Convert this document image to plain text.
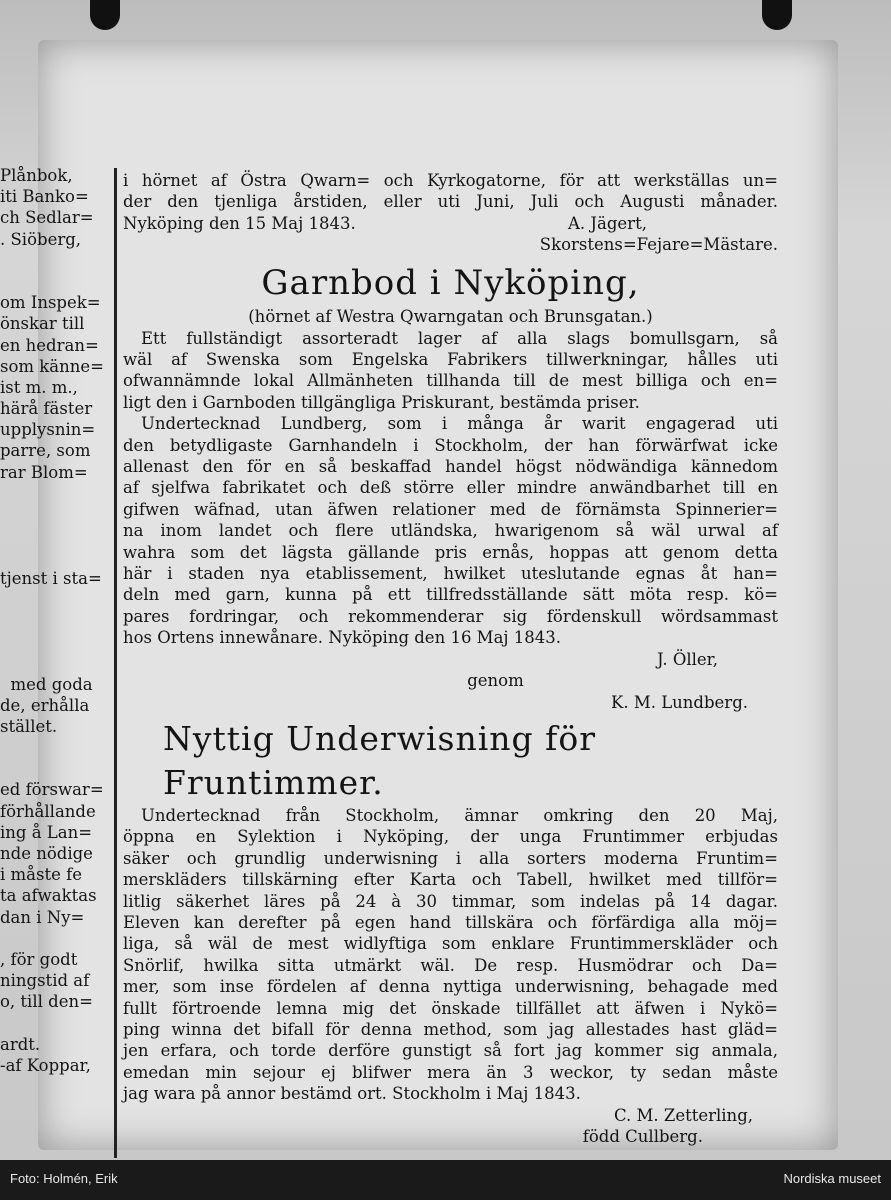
Plånbok,
iti Banko=
ch Sedlar=
. Siöberg,
om Inspek=
önskar till
en hedran=
som känne=
ist m. m.,
härå fäster
upplysnin=
parre, som
rar Blom=
tjenst i sta=
med goda
de, erhålla
stället.
ed förswar=
förhållande
ing å Lan=
nde nödige
i måste fe
ta afwaktas
dan i Ny=
, för godt
ningstid af
o, till den=
ardt.
-af Koppar,
i hörnet af Östra Qwarn= och Kyrkogatorne, för att werkställas un=
der den tjenliga årstiden, eller uti Juni, Juli och Augusti månader.
Nyköping den 15 Maj 1843.	A. Jägert,
Skorstens=Fejare=Mästare.
Garnbod i Nyköping,
(hörnet af Westra Qwarngatan och Brunsgatan.)
Ett fullständigt assorteradt lager af alla slags bomullsgarn, så
wäl af Swenska som Engelska Fabrikers tillwerkningar, hålles uti
ofwannämnde lokal Allmänheten tillhanda till de mest billiga och en=
ligt den i Garnboden tillgängliga Priskurant, bestämda priser.
Undertecknad Lundberg, som i många år warit engagerad uti
den betydligaste Garnhandeln i Stockholm, der han förwärfwat icke
allenast den för en så beskaffad handel högst nödwändiga kännedom
af sjelfwa fabrikatet och deß större eller mindre anwändbarhet till en
gifwen wäfnad, utan äfwen relationer med de förnämsta Spinnerier=
na inom landet och flere utländska, hwarigenom så wäl urwal af
wahra som det lägsta gällande pris ernås, hoppas att genom detta
här i staden nya etablissement, hwilket uteslutande egnas åt han=
deln med garn, kunna på ett tillfredsställande sätt möta resp. kö=
pares fordringar, och rekommenderar sig fördenskull wördsammast
hos Ortens innewånare. Nyköping den 16 Maj 1843.
J. Öller,
genom
K. M. Lundberg.
Nyttig Underwisning för Fruntimmer.
Undertecknad från Stockholm, ämnar omkring den 20 Maj,
öppna en Sylektion i Nyköping, der unga Fruntimmer erbjudas
säker och grundlig underwisning i alla sorters moderna Fruntim=
merskläders tillskärning efter Karta och Tabell, hwilket med tillför=
litlig säkerhet läres på 24 à 30 timmar, som indelas på 14 dagar.
Eleven kan derefter på egen hand tillskära och förfärdiga alla möj=
liga, så wäl de mest widlyftiga som enklare Fruntimmerskläder och
Snörlif, hwilka sitta utmärkt wäl. De resp. Husmödrar och Da=
mer, som inse fördelen af denna nyttiga underwisning, behagade med
fullt förtroende lemna mig det önskade tillfället att äfwen i Nykö=
ping winna det bifall för denna method, som jag allestades hast gläd=
jen erfara, och torde derföre gunstigt så fort jag kommer sig anmala,
emedan min sejour ej blifwer mera än 3 weckor, ty sedan måste
jag wara på annor bestämd ort. Stockholm i Maj 1843.
C. M. Zetterling,
född Cullberg.
Foto: Holmén, Erik	Nordiska museet
